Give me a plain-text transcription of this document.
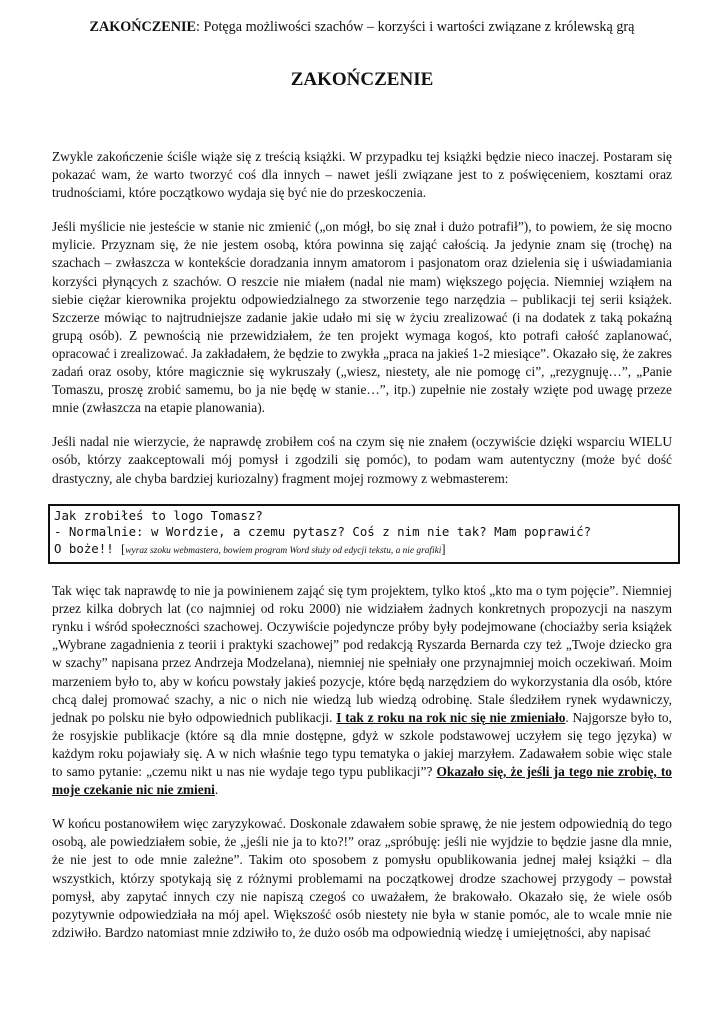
ZAKOŃCZENIE: Potęga możliwości szachów – korzyści i wartości związane z królewską grą
ZAKOŃCZENIE

Zwykle zakończenie ściśle wiąże się z treścią książki. W przypadku tej książki będzie nieco inaczej. Postaram się pokazać wam, że warto tworzyć coś dla innych – nawet jeśli związane jest to z poświęceniem, kosztami oraz trudnościami, które początkowo wydaja się być nie do przeskoczenia.

Jeśli myślicie nie jesteście w stanie nic zmienić („on mógł, bo się znał i dużo potrafił”), to powiem, że się mocno mylicie. Przyznam się, że nie jestem osobą, która powinna się zająć całością. Ja jedynie znam się (trochę) na szachach – zwłaszcza w kontekście doradzania innym amatorom i pasjonatom oraz dzielenia się i uświadamiania korzyści płynących z szachów. O reszcie nie miałem (nadal nie mam) większego pojęcia. Niemniej wziąłem na siebie ciężar kierownika projektu odpowiedzialnego za stworzenie tego narzędzia – publikacji tej serii książek. Szczerze mówiąc to najtrudniejsze zadanie jakie udało mi się w życiu zrealizować (i na dodatek z taką pokaźną grupą osób). Z pewnością nie przewidziałem, że ten projekt wymaga kogoś, kto potrafi całość zaplanować, opracować i zrealizować. Ja zakładałem, że będzie to zwykła „praca na jakieś 1-2 miesiące”. Okazało się, że zakres zadań oraz osoby, które magicznie się wykruszały („wiesz, niestety, ale nie pomogę ci”, „rezygnuję…”, „Panie Tomaszu, proszę zrobić samemu, bo ja nie będę w stanie…”, itp.) zupełnie nie zostały wzięte pod uwagę przeze mnie (zwłaszcza na etapie planowania).

Jeśli nadal nie wierzycie, że naprawdę zrobiłem coś na czym się nie znałem (oczywiście dzięki wsparciu WIELU osób, którzy zaakceptowali mój pomysł i zgodzili się pomóc), to podam wam autentyczny (może być dość drastyczny, ale chyba bardziej kuriozalny) fragment mojej rozmowy z webmasterem:

Jak zrobiłeś to logo Tomasz?
- Normalnie: w Wordzie, a czemu pytasz? Coś z nim nie tak? Mam poprawić?
O boże!! [wyraz szoku webmastera, bowiem program Word służy od edycji tekstu, a nie grafiki]

Tak więc tak naprawdę to nie ja powinienem zająć się tym projektem, tylko ktoś „kto ma o tym pojęcie”. Niemniej przez kilka dobrych lat (co najmniej od roku 2000) nie widziałem żadnych konkretnych propozycji na naszym rynku i wśród społeczności szachowej. Oczywiście pojedyncze próby były podejmowane (chociażby seria książek „Wybrane zagadnienia z teorii i praktyki szachowej” pod redakcją Ryszarda Bernarda czy też „Twoje dziecko gra w szachy” napisana przez Andrzeja Modzelana), niemniej nie spełniały one przynajmniej moich oczekiwań. Moim marzeniem było to, aby w końcu powstały jakieś pozycje, które będą narzędziem do wykorzystania dla osób, które chcą dalej promować szachy, a nic o nich nie wiedzą lub wiedzą odrobinę. Stale śledziłem rynek wydawniczy, jednak po polsku nie było odpowiednich publikacji. I tak z roku na rok nic się nie zmieniało. Najgorsze było to, że rosyjskie publikacje (które są dla mnie dostępne, gdyż w szkole podstawowej uczyłem się tego języka) w każdym roku pojawiały się. A w nich właśnie tego typu tematyka o jakiej marzyłem. Zadawałem sobie więc stale to samo pytanie: „czemu nikt u nas nie wydaje tego typu publikacji”? Okazało się, że jeśli ja tego nie zrobię, to moje czekanie nic nie zmieni.

W końcu postanowiłem więc zaryzykować. Doskonale zdawałem sobie sprawę, że nie jestem odpowiednią do tego osobą, ale powiedziałem sobie, że „jeśli nie ja to kto?!” oraz „spróbuję: jeśli nie wyjdzie to będzie jasne dla mnie, że nie jest to ode mnie zależne”. Takim oto sposobem z pomysłu opublikowania jednej małej książki – dla wszystkich, którzy spotykają się z różnymi problemami na początkowej drodze szachowej przygody – powstał pomysł, aby zapytać innych czy nie napiszą czegoś co uważałem, że brakowało. Okazało się, że wiele osób pozytywnie odpowiedziała na mój apel. Większość osób niestety nie była w stanie pomóc, ale to wcale mnie nie zdziwiło. Bardzo natomiast mnie zdziwiło to, że dużo osób ma odpowiednią wiedzę i umiejętności, aby napisać
